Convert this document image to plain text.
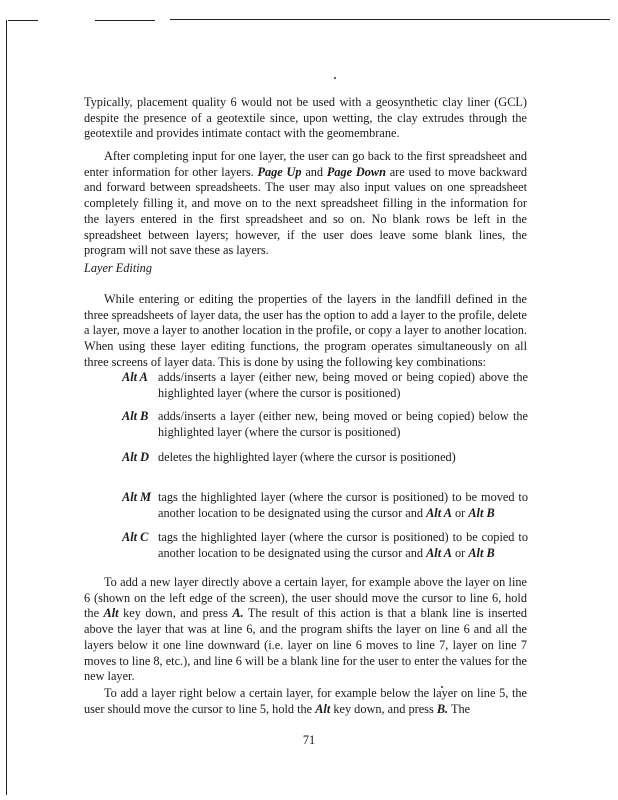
Typically, placement quality 6 would not be used with a geosynthetic clay liner (GCL) despite the presence of a geotextile since, upon wetting, the clay extrudes through the geotextile and provides intimate contact with the geomembrane.

After completing input for one layer, the user can go back to the first spreadsheet and enter information for other layers. Page Up and Page Down are used to move backward and forward between spreadsheets. The user may also input values on one spreadsheet completely filling it, and move on to the next spreadsheet filling in the information for the layers entered in the first spreadsheet and so on. No blank rows be left in the spreadsheet between layers; however, if the user does leave some blank lines, the program will not save these as layers.

Layer Editing

While entering or editing the properties of the layers in the landfill defined in the three spreadsheets of layer data, the user has the option to add a layer to the profile, delete a layer, move a layer to another location in the profile, or copy a layer to another location. When using these layer editing functions, the program operates simultaneously on all three screens of layer data. This is done by using the following key combinations:

Alt A adds/inserts a layer (either new, being moved or being copied) above the highlighted layer (where the cursor is positioned)

Alt B adds/inserts a layer (either new, being moved or being copied) below the highlighted layer (where the cursor is positioned)

Alt D deletes the highlighted layer (where the cursor is positioned)

Alt M tags the highlighted layer (where the cursor is positioned) to be moved to another location to be designated using the cursor and Alt A or Alt B

Alt C tags the highlighted layer (where the cursor is positioned) to be copied to another location to be designated using the cursor and Alt A or Alt B

To add a new layer directly above a certain layer, for example above the layer on line 6 (shown on the left edge of the screen), the user should move the cursor to line 6, hold the Alt key down, and press A. The result of this action is that a blank line is inserted above the layer that was at line 6, and the program shifts the layer on line 6 and all the layers below it one line downward (i.e. layer on line 6 moves to line 7, layer on line 7 moves to line 8, etc.), and line 6 will be a blank line for the user to enter the values for the new layer.

To add a layer right below a certain layer, for example below the layer on line 5, the user should move the cursor to line 5, hold the Alt key down, and press B. The

71
